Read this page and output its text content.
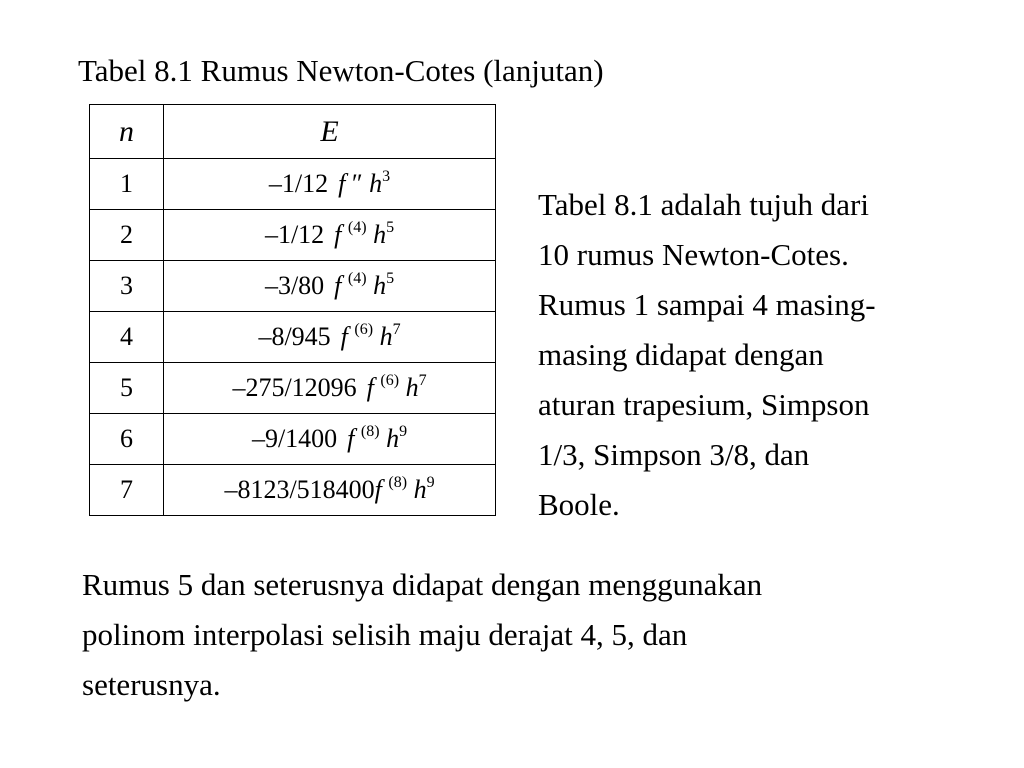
Tabel 8.1 Rumus Newton-Cotes (lanjutan)
n	E
1	–1/12 f ″ $h^3$
2	–1/12 f $^{(4)}$ $h^5$
3	–3/80 f $^{(4)}$ $h^5$
4	–8/945 f $^{(6)}$ $h^7$
5	–275/12096 f $^{(6)}$ $h^7$
6	–9/1400 f $^{(8)}$ $h^9$
7	–8123/518400f $^{(8)}$ $h^9$
Tabel 8.1 adalah tujuh dari
10 rumus Newton-Cotes.
Rumus 1 sampai 4 masing-
masing didapat dengan
aturan trapesium, Simpson
1/3, Simpson 3/8, dan
Boole.
Rumus 5 dan seterusnya didapat dengan menggunakan
polinom interpolasi selisih maju derajat 4, 5, dan
seterusnya.
